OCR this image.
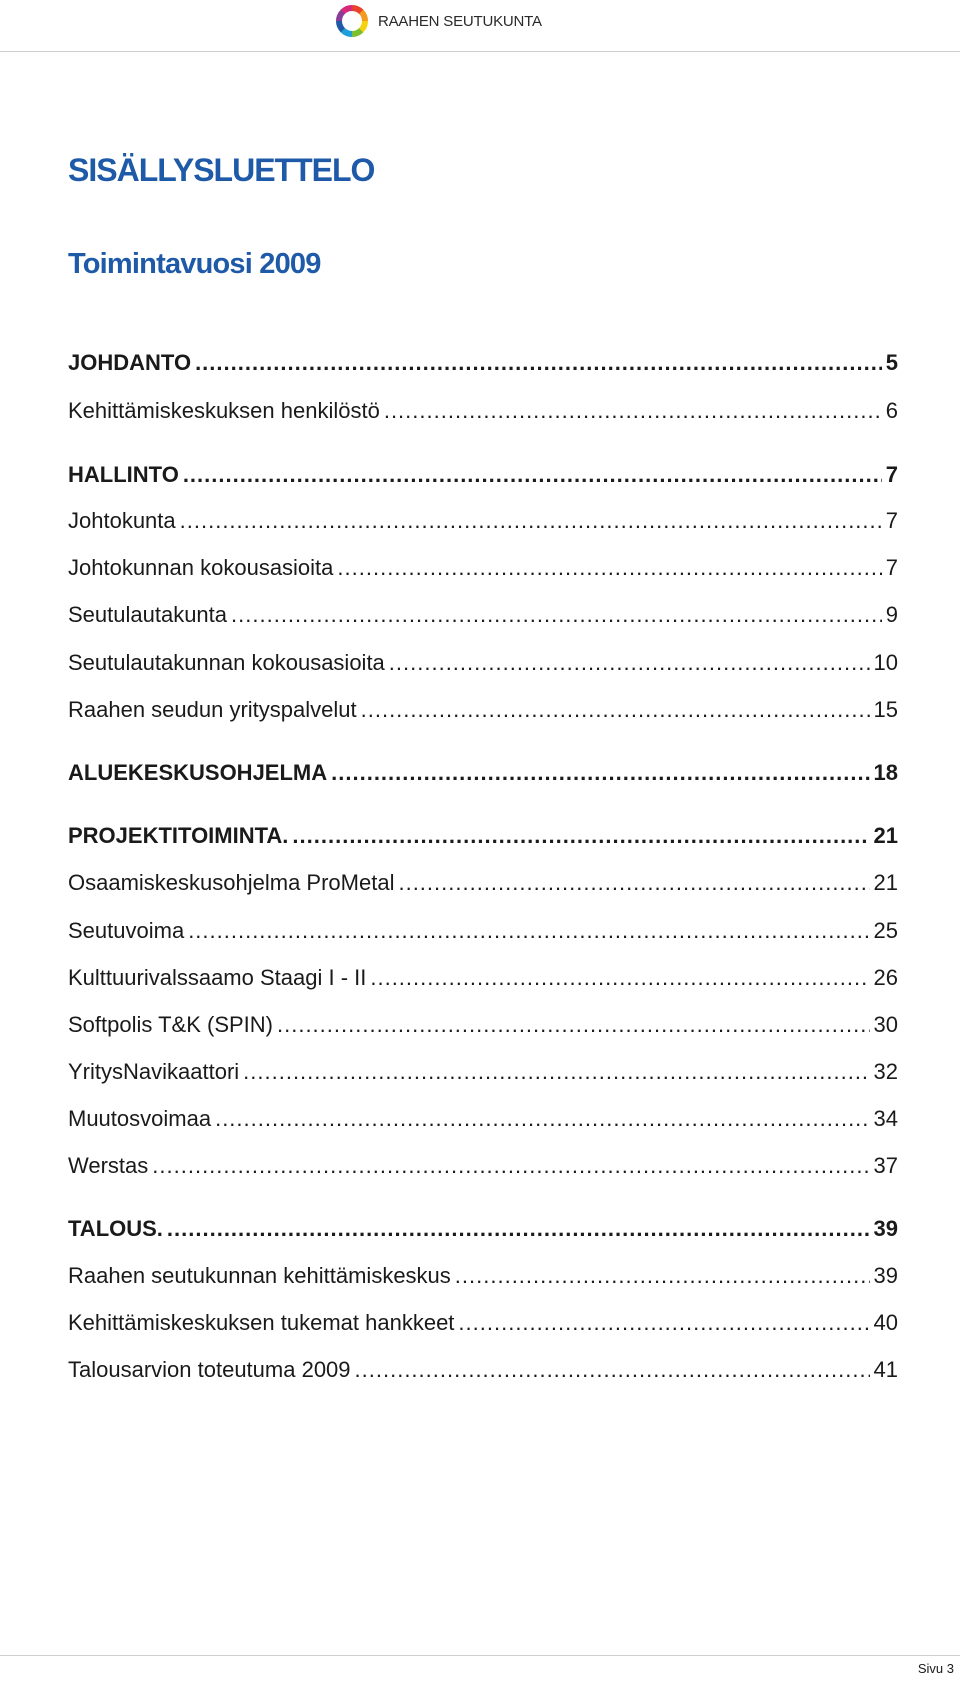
RAAHEN SEUTUKUNTA
SISÄLLYSLUETTELO
Toimintavuosi 2009
JOHDANTO .....	5
Kehittämiskeskuksen henkilöstö .....	6
HALLINTO .....	7
Johtokunta .....	7
Johtokunnan kokousasioita .....	7
Seutulautakunta .....	9
Seutulautakunnan kokousasioita .....	10
Raahen seudun yrityspalvelut .....	15
ALUEKESKUSOHJELMA .....	18
PROJEKTITOIMINTA. .....	21
Osaamiskeskusohjelma ProMetal .....	21
Seutuvoima .....	25
Kulttuurivalssaamo Staagi I - II .....	26
Softpolis T&K (SPIN) .....	30
YritysNavikaattori .....	32
Muutosvoimaa .....	34
Werstas .....	37
TALOUS. .....	39
Raahen seutukunnan kehittämiskeskus .....	39
Kehittämiskeskuksen tukemat hankkeet .....	40
Talousarvion toteutuma 2009 .....	41
Sivu 3
